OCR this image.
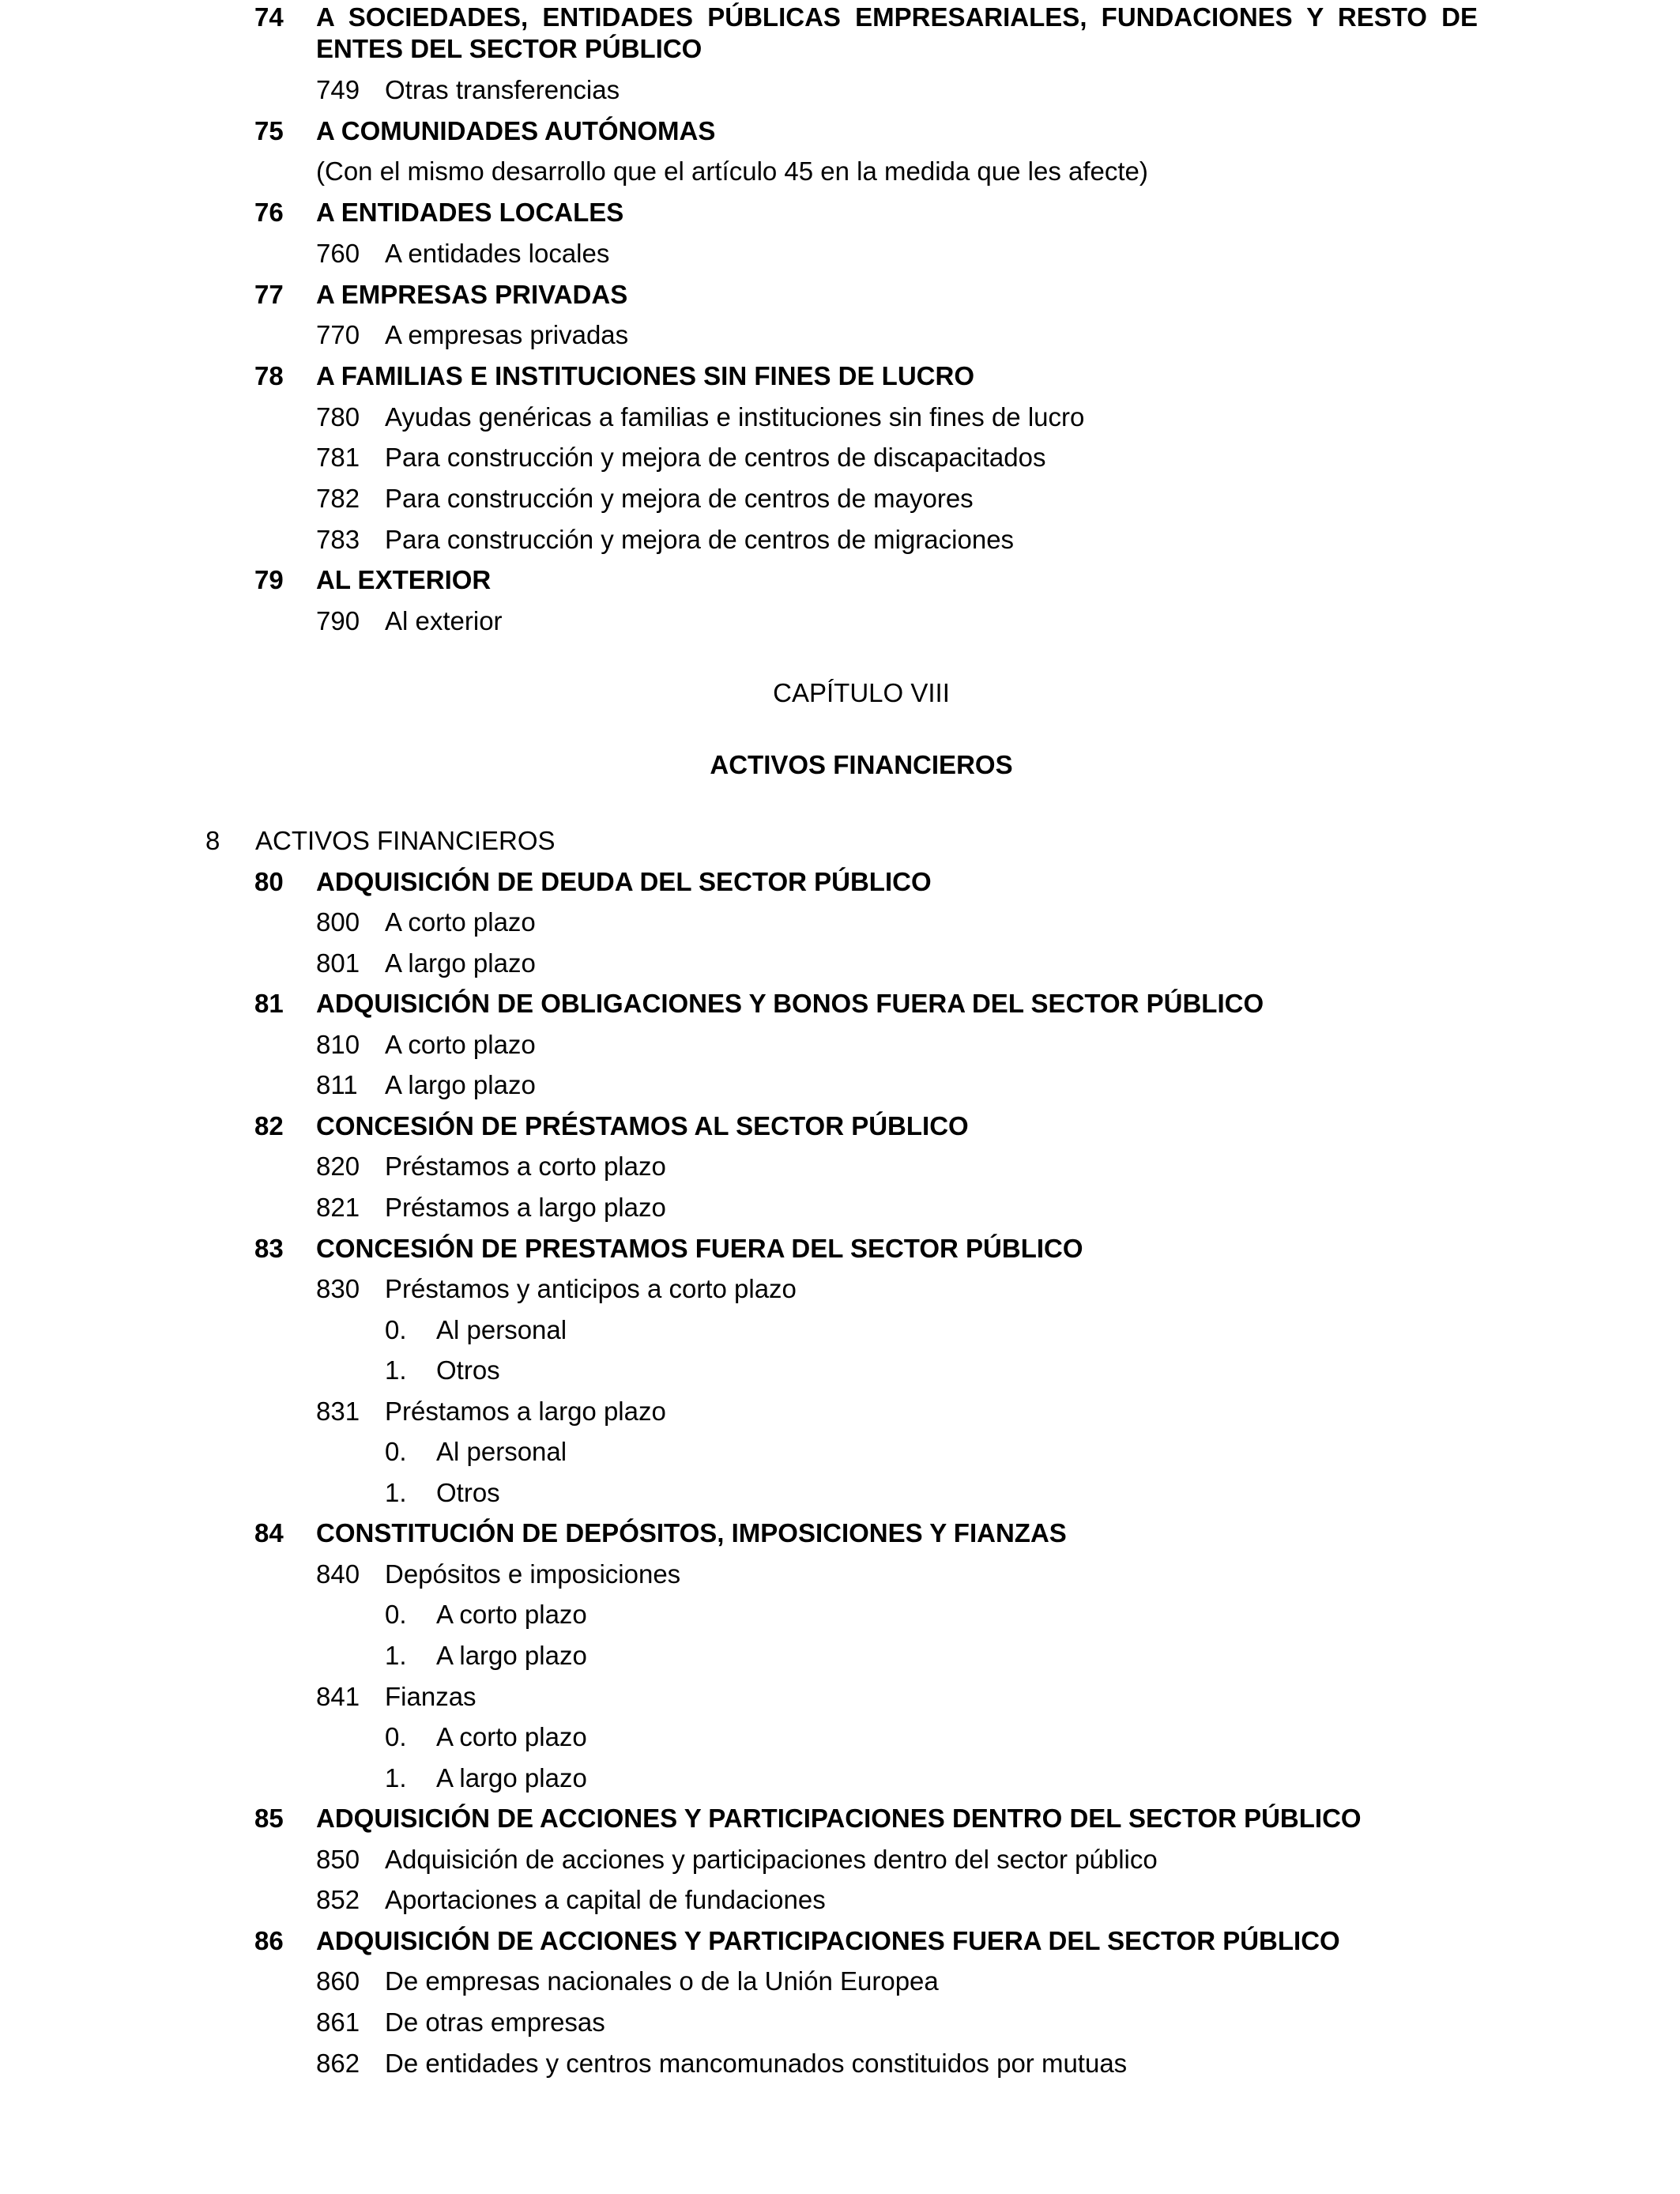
74 A SOCIEDADES, ENTIDADES PÚBLICAS EMPRESARIALES, FUNDACIONES Y RESTO DE
ENTES DEL SECTOR PÚBLICO
749 Otras transferencias
75 A COMUNIDADES AUTÓNOMAS
(Con el mismo desarrollo que el artículo 45 en la medida que les afecte)
76 A ENTIDADES LOCALES
760 A entidades locales
77 A EMPRESAS PRIVADAS
770 A empresas privadas
78 A FAMILIAS E INSTITUCIONES SIN FINES DE LUCRO
780 Ayudas genéricas a familias e instituciones sin fines de lucro
781 Para construcción y mejora de centros de discapacitados
782 Para construcción y mejora de centros de mayores
783 Para construcción y mejora de centros de migraciones
79 AL EXTERIOR
790 Al exterior
CAPÍTULO VIII
ACTIVOS FINANCIEROS
8 ACTIVOS FINANCIEROS
80 ADQUISICIÓN DE DEUDA DEL SECTOR PÚBLICO
800 A corto plazo
801 A largo plazo
81 ADQUISICIÓN DE OBLIGACIONES Y BONOS FUERA DEL SECTOR PÚBLICO
810 A corto plazo
811 A largo plazo
82 CONCESIÓN DE PRÉSTAMOS AL SECTOR PÚBLICO
820 Préstamos a corto plazo
821 Préstamos a largo plazo
83 CONCESIÓN DE PRESTAMOS FUERA DEL SECTOR PÚBLICO
830 Préstamos y anticipos a corto plazo
0. Al personal
1. Otros
831 Préstamos a largo plazo
0. Al personal
1. Otros
84 CONSTITUCIÓN DE DEPÓSITOS, IMPOSICIONES Y FIANZAS
840 Depósitos e imposiciones
0. A corto plazo
1. A largo plazo
841 Fianzas
0. A corto plazo
1. A largo plazo
85 ADQUISICIÓN DE ACCIONES Y PARTICIPACIONES DENTRO DEL SECTOR PÚBLICO
850 Adquisición de acciones y participaciones dentro del sector público
852 Aportaciones a capital de fundaciones
86 ADQUISICIÓN DE ACCIONES Y PARTICIPACIONES FUERA DEL SECTOR PÚBLICO
860 De empresas nacionales o de la Unión Europea
861 De otras empresas
862 De entidades y centros mancomunados constituidos por mutuas
